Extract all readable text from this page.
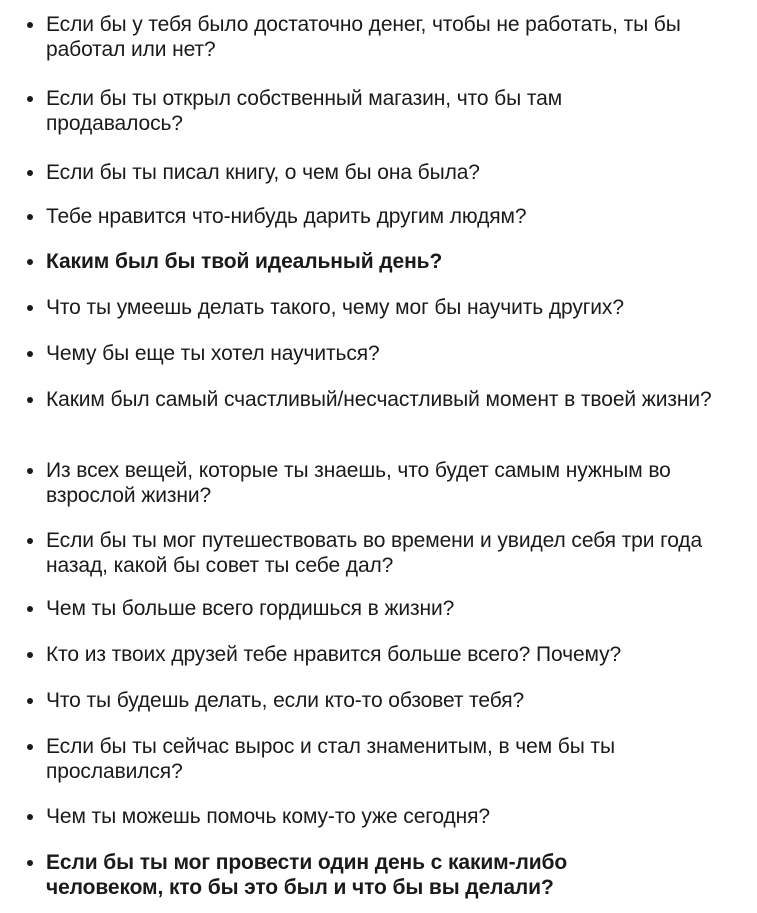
Если бы у тебя было достаточно денег, чтобы не работать, ты бы работал или нет?
Если бы ты открыл собственный магазин, что бы там продавалось?
Если бы ты писал книгу, о чем бы она была?
Тебе нравится что-нибудь дарить другим людям?
Каким был бы твой идеальный день?
Что ты умеешь делать такого, чему мог бы научить других?
Чему бы еще ты хотел научиться?
Каким был самый счастливый/несчастливый момент в твоей жизни?
Из всех вещей, которые ты знаешь, что будет самым нужным во взрослой жизни?
Если бы ты мог путешествовать во времени и увидел себя три года назад, какой бы совет ты себе дал?
Чем ты больше всего гордишься в жизни?
Кто из твоих друзей тебе нравится больше всего? Почему?
Что ты будешь делать, если кто-то обзовет тебя?
Если бы ты сейчас вырос и стал знаменитым, в чем бы ты прославился?
Чем ты можешь помочь кому-то уже сегодня?
Если бы ты мог провести один день с каким-либо человеком, кто бы это был и что бы вы делали?
